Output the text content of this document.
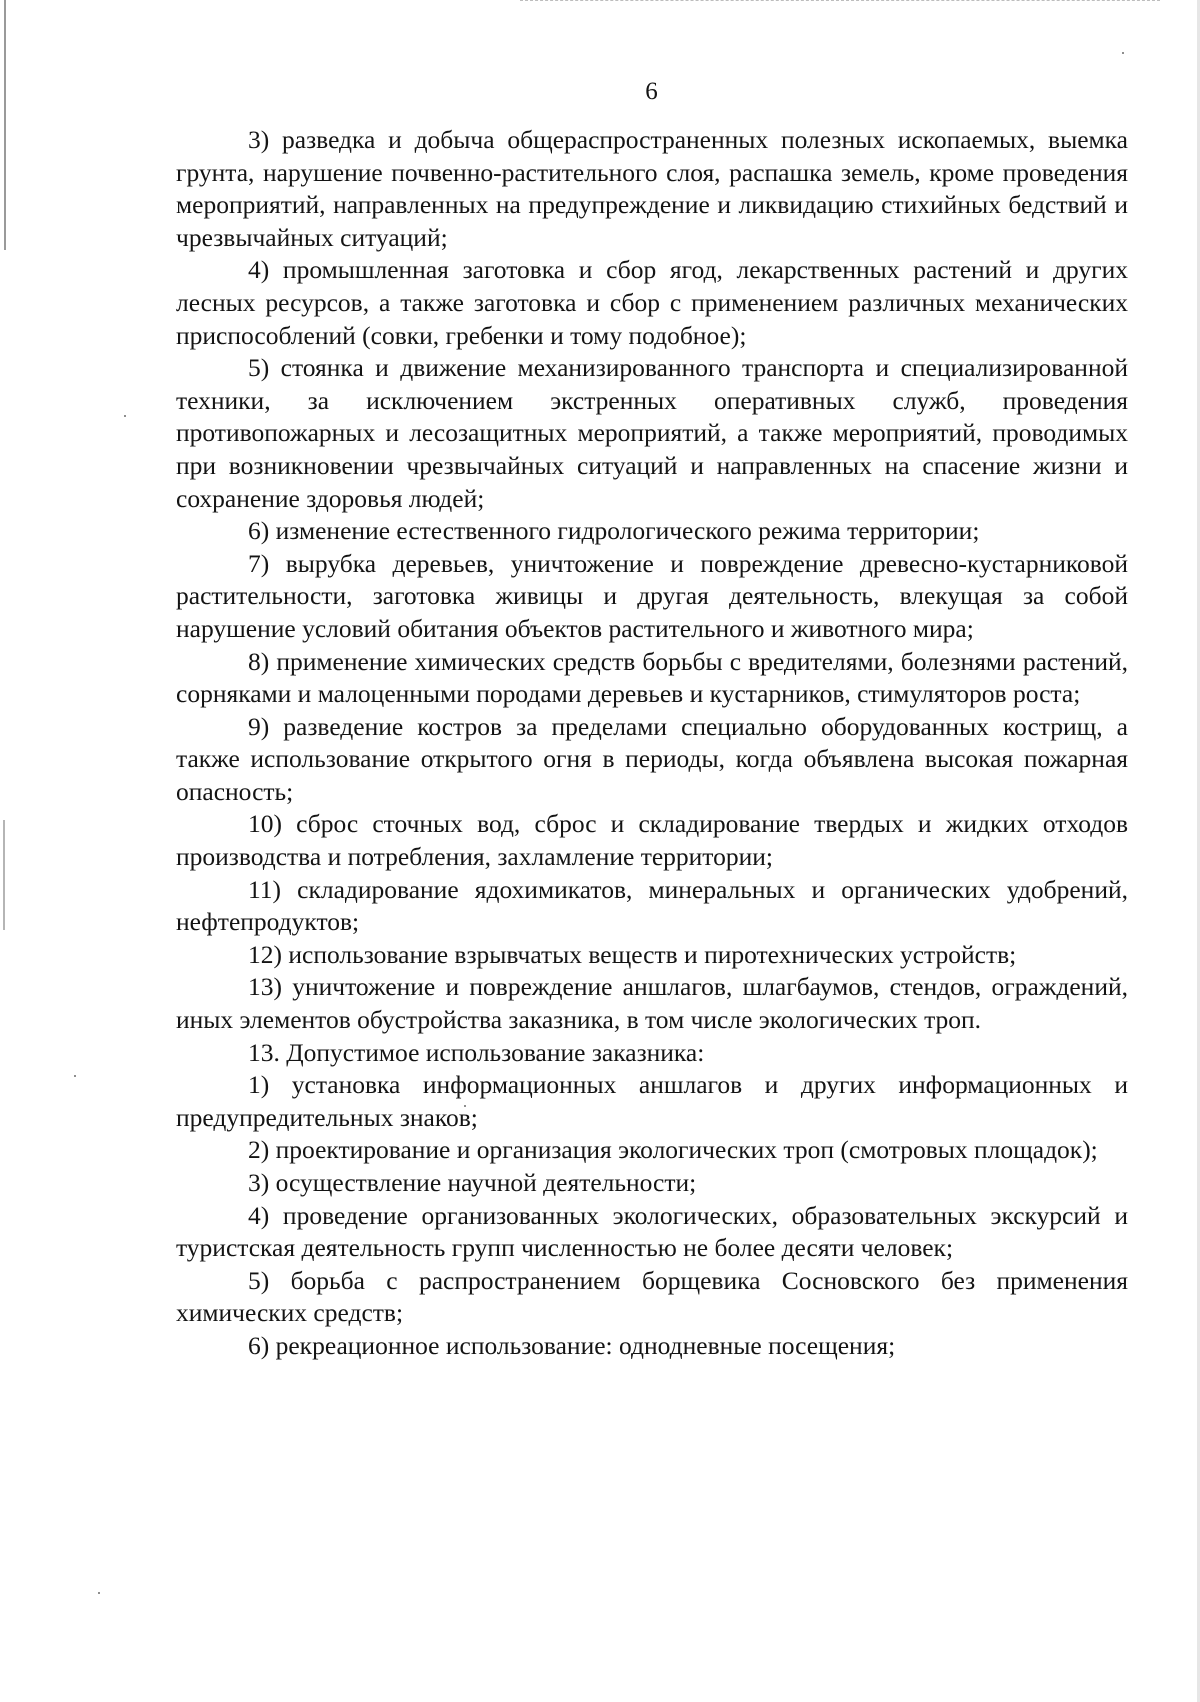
6

3) разведка и добыча общераспространенных полезных ископаемых, выемка грунта, нарушение почвенно-растительного слоя, распашка земель, кроме проведения мероприятий, направленных на предупреждение и ликвидацию стихийных бедствий и чрезвычайных ситуаций;

4) промышленная заготовка и сбор ягод, лекарственных растений и других лесных ресурсов, а также заготовка и сбор с применением различных механических приспособлений (совки, гребенки и тому подобное);

5) стоянка и движение механизированного транспорта и специализированной техники, за исключением экстренных оперативных служб, проведения противопожарных и лесозащитных мероприятий, а также мероприятий, проводимых при возникновении чрезвычайных ситуаций и направленных на спасение жизни и сохранение здоровья людей;

6) изменение естественного гидрологического режима территории;

7) вырубка деревьев, уничтожение и повреждение древесно-кустарниковой растительности, заготовка живицы и другая деятельность, влекущая за собой нарушение условий обитания объектов растительного и животного мира;

8) применение химических средств борьбы с вредителями, болезнями растений, сорняками и малоценными породами деревьев и кустарников, стимуляторов роста;

9) разведение костров за пределами специально оборудованных кострищ, а также использование открытого огня в периоды, когда объявлена высокая пожарная опасность;

10) сброс сточных вод, сброс и складирование твердых и жидких отходов производства и потребления, захламление территории;

11) складирование ядохимикатов, минеральных и органических удобрений, нефтепродуктов;

12) использование взрывчатых веществ и пиротехнических устройств;

13) уничтожение и повреждение аншлагов, шлагбаумов, стендов, ограждений, иных элементов обустройства заказника, в том числе экологических троп.

13. Допустимое использование заказника:

1) установка информационных аншлагов и других информационных и предупредительных знаков;

2) проектирование и организация экологических троп (смотровых площадок);

3) осуществление научной деятельности;

4) проведение организованных экологических, образовательных экскурсий и туристская деятельность групп численностью не более десяти человек;

5) борьба с распространением борщевика Сосновского без применения химических средств;

6) рекреационное использование: однодневные посещения;
